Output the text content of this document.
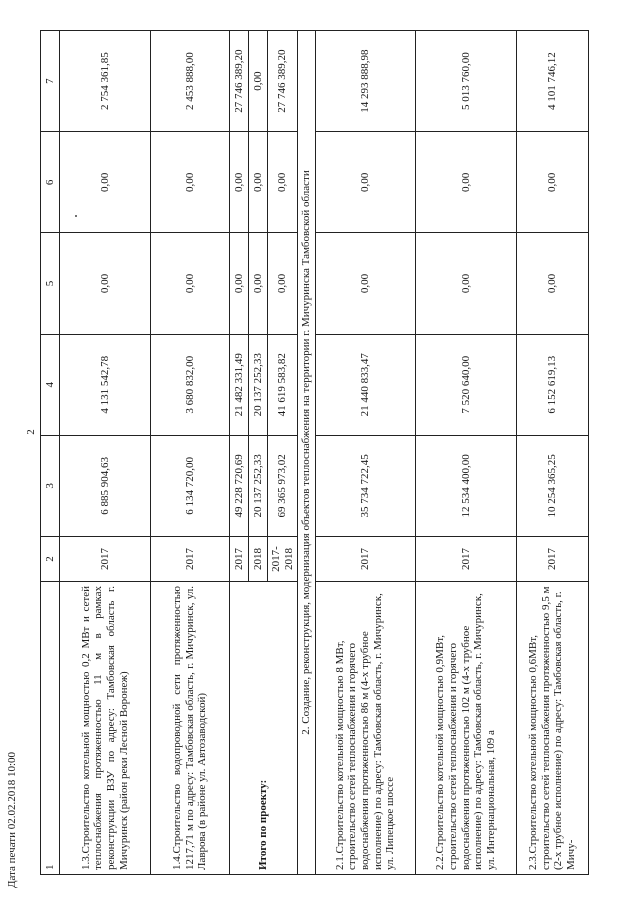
2
1	2	3	4	5	6	7
1.3.Строительство котельной мощностью 0,2 МВт и сетей теплоснабжения протяженностью 11 м в рамках реконструкции ВЗУ по адресу: Тамбовская область г. Мичуринск (район реки Лесной Воронеж)	2017	6 885 904,63	4 131 542,78	0,00	0,00	2 754 361,85
1.4.Строительство водопроводной сети протяженностью 1217,71 м по адресу: Тамбовская область, г. Мичуринск, ул. Лаврова (в районе ул. Автозаводской)	2017	6 134 720,00	3 680 832,00	0,00	0,00	2 453 888,00
Итого по проекту:	2017	49 228 720,69	21 482 331,49	0,00	0,00	27 746 389,20
	2018	20 137 252,33	20 137 252,33	0,00	0,00	0,00
	2017-2018	69 365 973,02	41 619 583,82	0,00	0,00	27 746 389,20
2. Создание, реконструкция, модернизация объектов теплоснабжения на территории г. Мичуринска Тамбовской области						
2.1.Строительство котельной мощностью 8 МВт, строительство сетей теплоснабжения и горячего водоснабжения протяженностью 86 м (4-х трубное исполнение) по адресу: Тамбовская область, г. Мичуринск, ул. Липецкое шоссе	2017	35 734 722,45	21 440 833,47	0,00	0,00	14 293 888,98
2.2.Строительство котельной мощностью 0,9МВт, строительство сетей теплоснабжения и горячего водоснабжения протяженностью 102 м (4-х трубное исполнение) по адресу: Тамбовская область, г. Мичуринск, ул. Интернациональная, 109 а	2017	12 534 400,00	7 520 640,00	0,00	0,00	5 013 760,00
2.3.Строительство котельной мощностью 0,6МВт, строительство сетей теплоснабжения протяженностью 9,5 м (2-х трубное исполнение) по адресу: Тамбовская область, г. Мичу-	2017	10 254 365,25	6 152 619,13	0,00	0,00	4 101 746,12
Дата печати 02.02.2018 10:00
